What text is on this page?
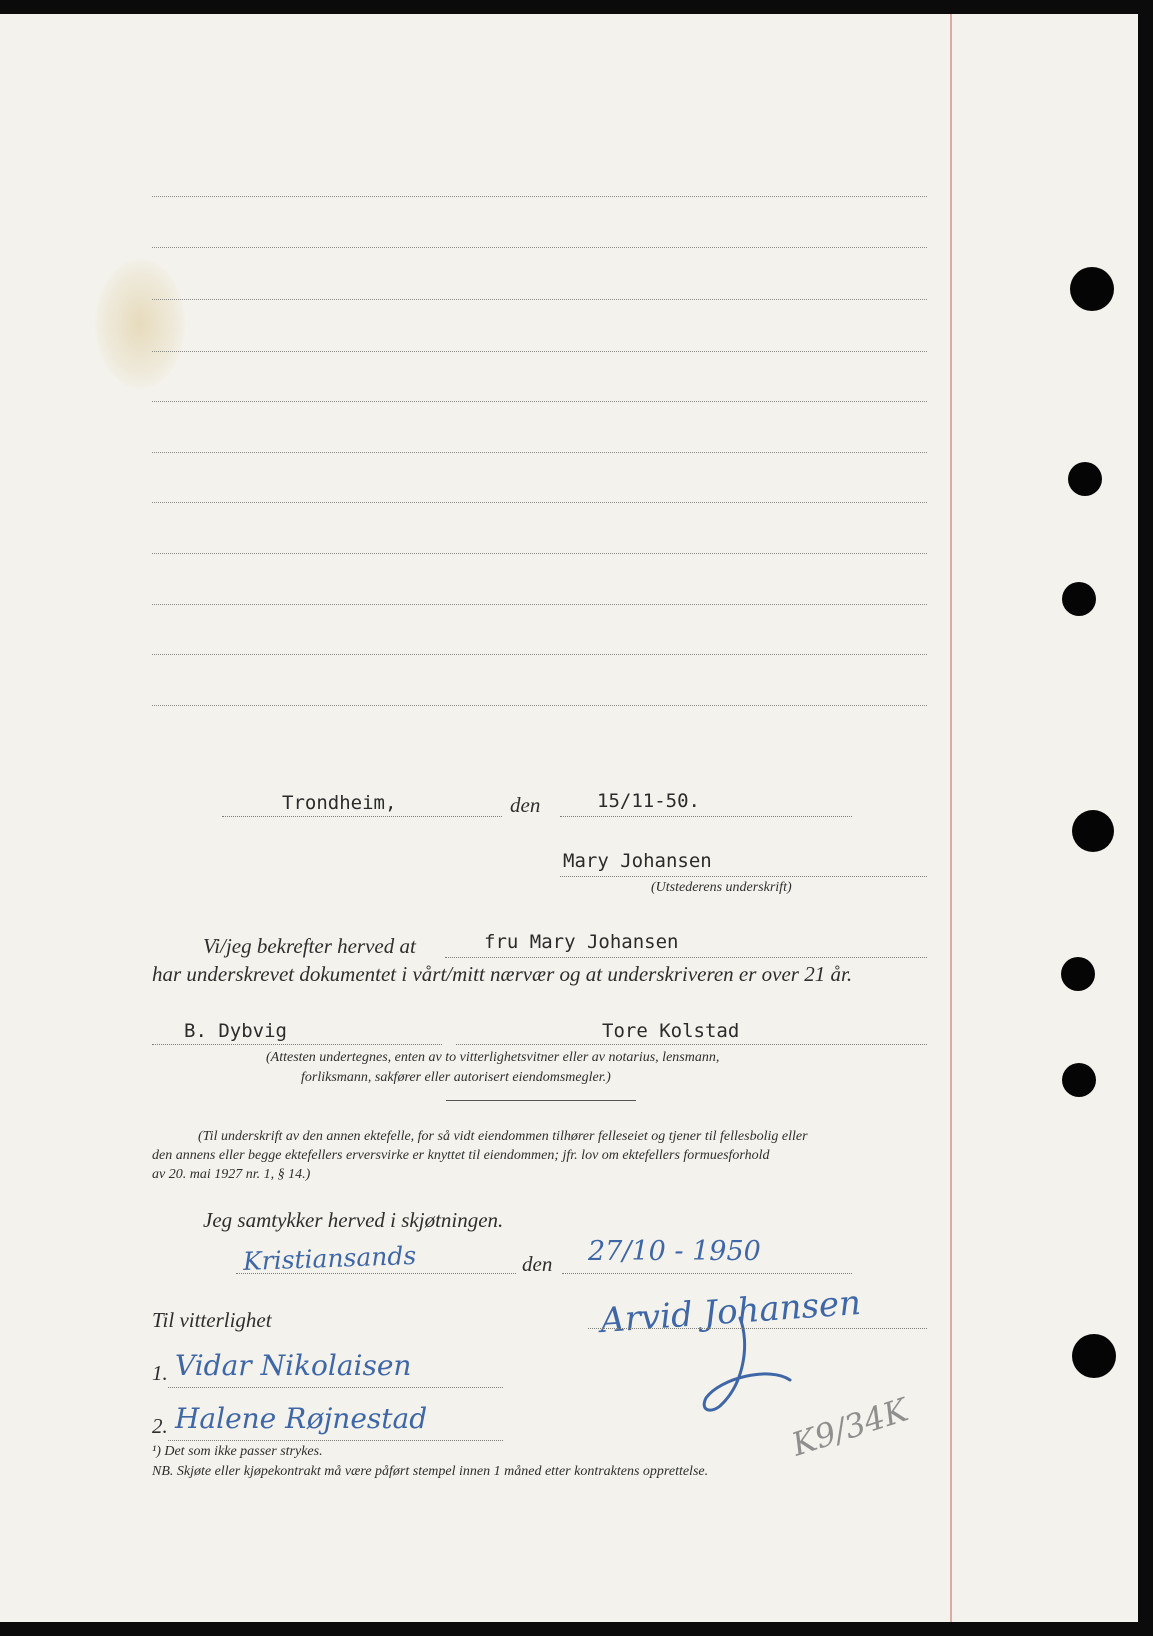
Trondheim,	den	15/11-50.
Mary Johansen
(Utstederens underskrift)
Vi/jeg bekrefter herved at	fru Mary Johansen
har underskrevet dokumentet i vårt/mitt nærvær og at underskriveren er over 21 år.
B. Dybvig	Tore Kolstad
(Attesten undertegnes, enten av to vitterlighetsvitner eller av notarius, lensmann,
forliksmann, sakfører eller autorisert eiendomsmegler.)
(Til underskrift av den annen ektefelle, for så vidt eiendommen tilhører felleseiet og tjener til fellesbolig eller
den annens eller begge ektefellers erversvirke er knyttet til eiendommen; jfr. lov om ektefellers formuesforhold
av 20. mai 1927 nr. 1, § 14.)
Jeg samtykker herved i skjøtningen.
Kristiansands	den 27/10 - 1950
Arvid Johansen
Til vitterlighet
1. Vidar Nikolaisen
2. Halene Røjnestad	K9/34K
¹) Det som ikke passer strykes.
NB. Skjøte eller kjøpekontrakt må være påført stempel innen 1 måned etter kontraktens opprettelse.
